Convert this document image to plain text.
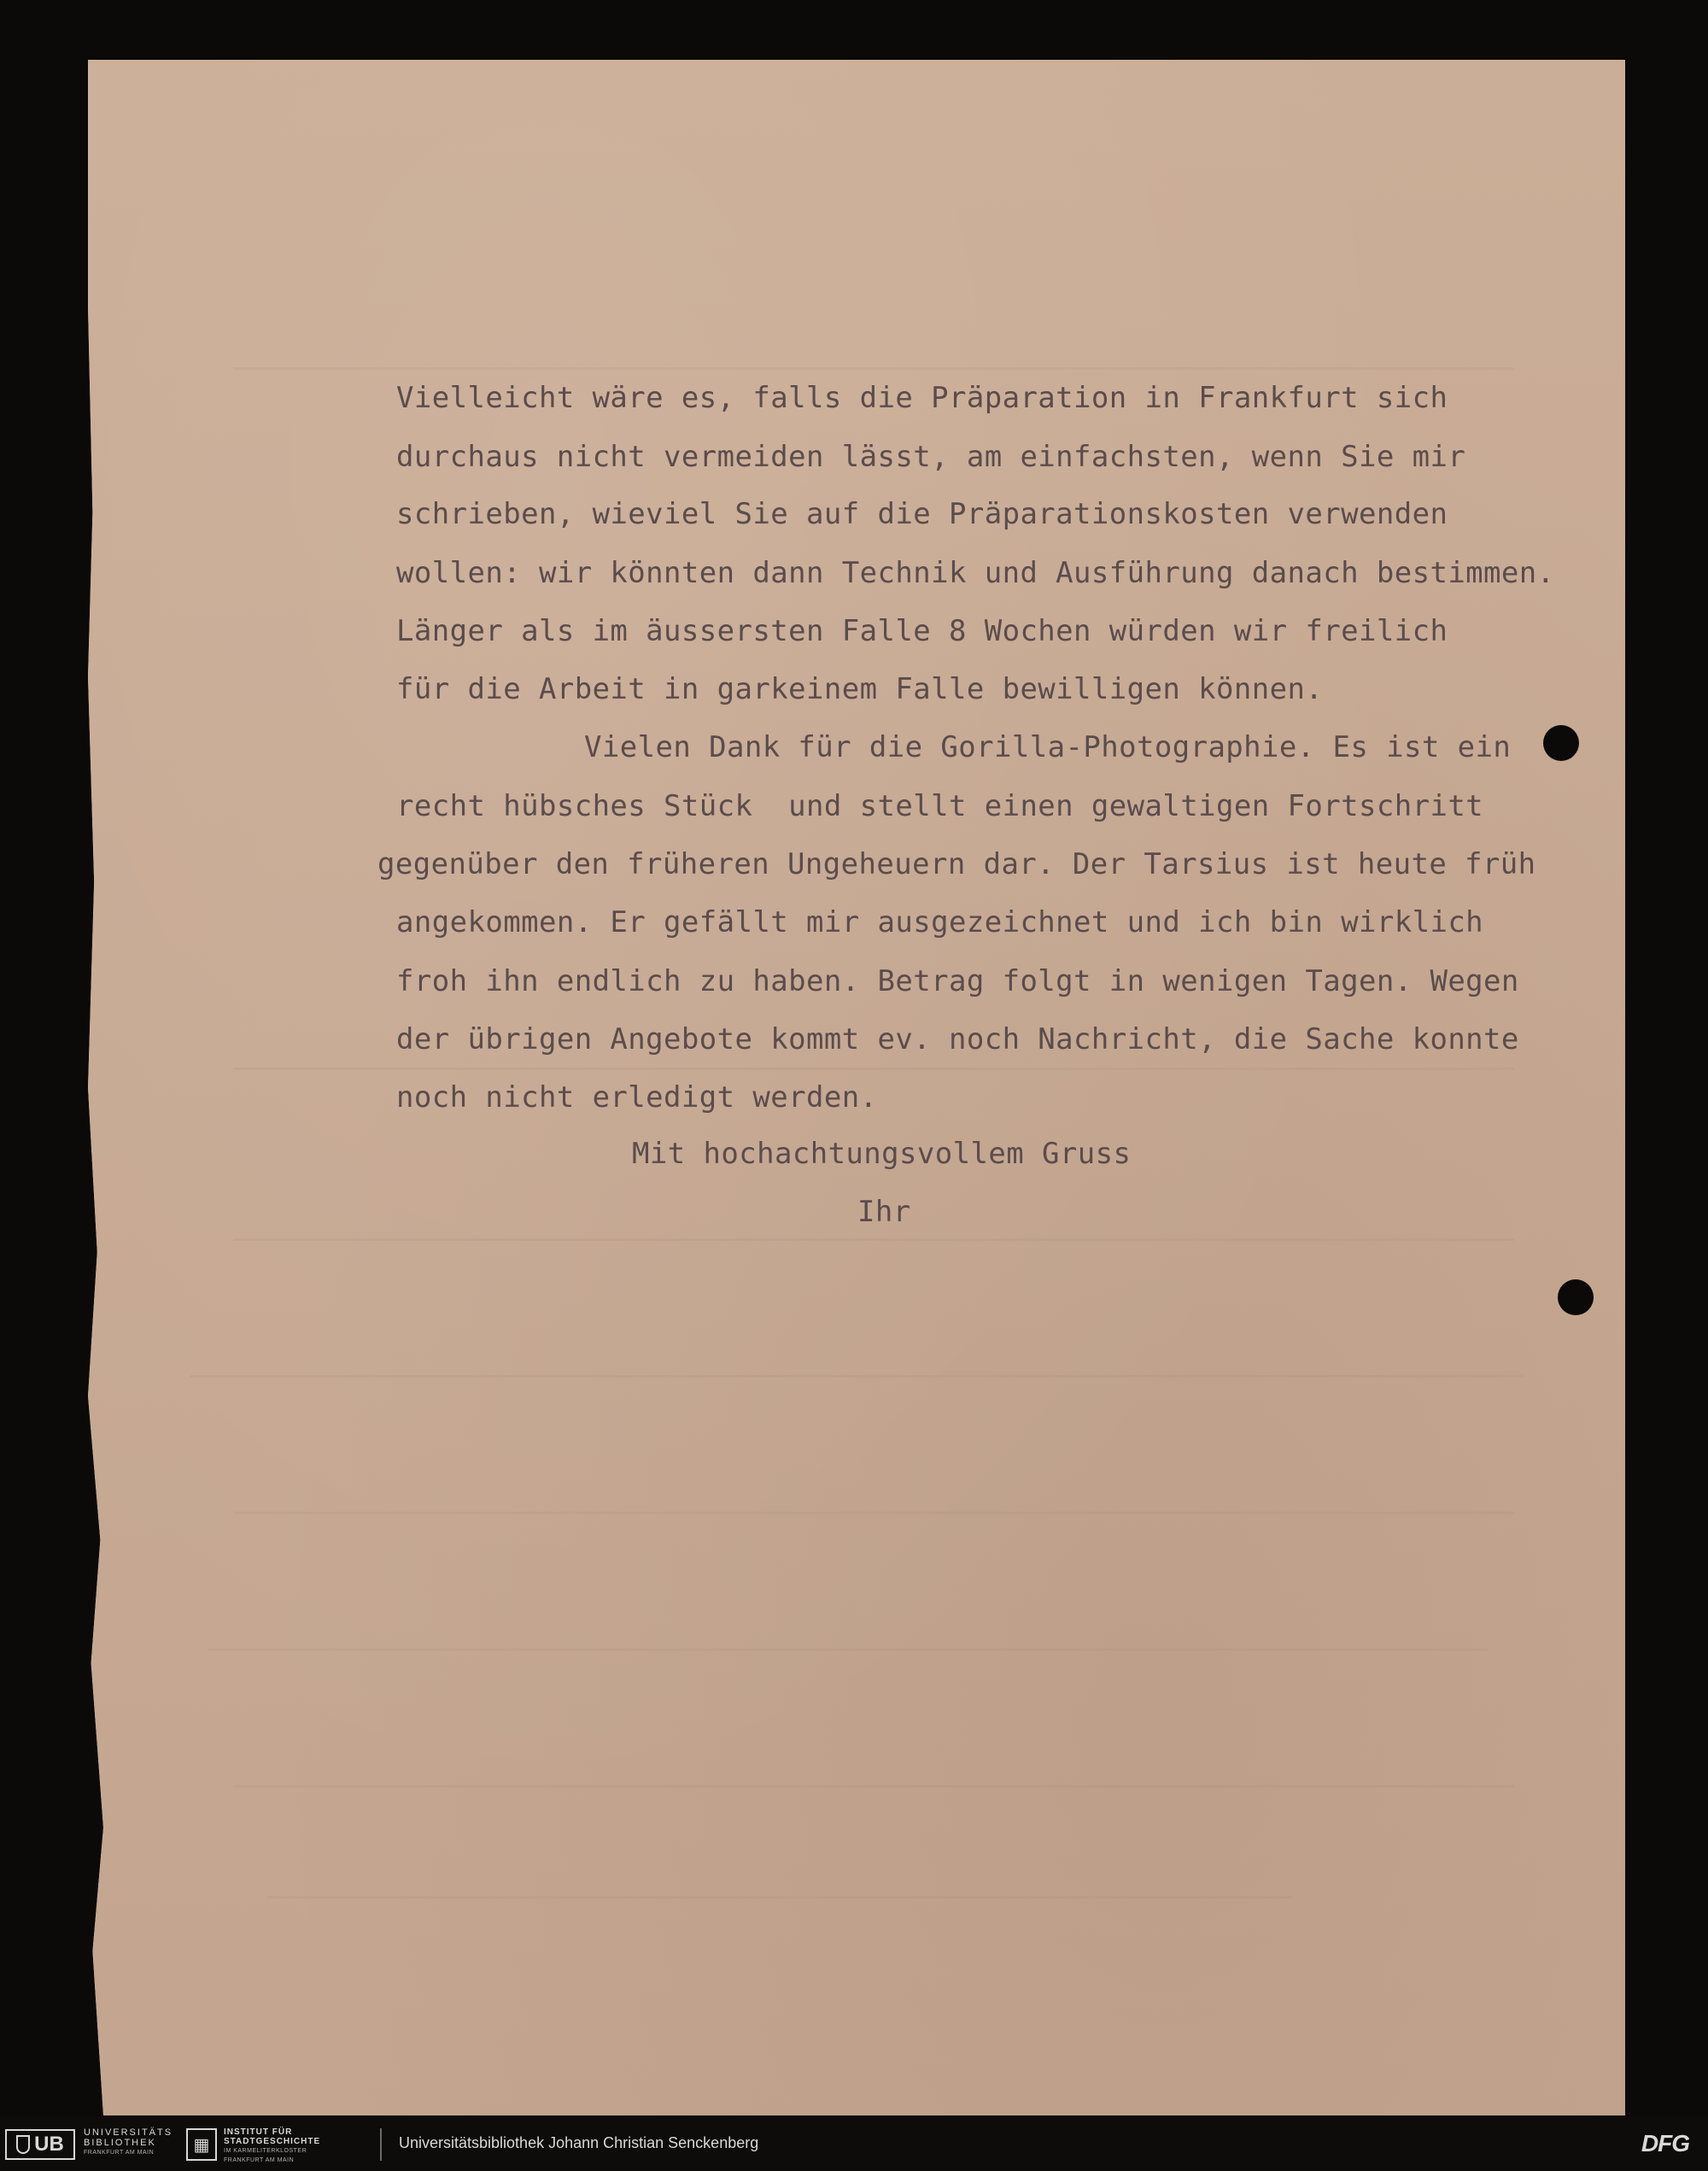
Vielleicht wäre es, falls die Präparation in Frankfurt sich
durchaus nicht vermeiden lässt, am einfachsten, wenn Sie mir
schrieben, wieviel Sie auf die Präparationskosten verwenden
wollen: wir könnten dann Technik und Ausführung danach bestimmen.
Länger als im äussersten Falle 8 Wochen würden wir freilich
für die Arbeit in garkeinem Falle bewilligen können.
Vielen Dank für die Gorilla-Photographie. Es ist ein
recht hübsches Stück  und stellt einen gewaltigen Fortschritt
gegenüber den früheren Ungeheuern dar. Der Tarsius ist heute früh
angekommen. Er gefällt mir ausgezeichnet und ich bin wirklich
froh ihn endlich zu haben. Betrag folgt in wenigen Tagen. Wegen
der übrigen Angebote kommt ev. noch Nachricht, die Sache konnte
noch nicht erledigt werden.
Mit hochachtungsvollem Gruss
Ihr
UB UNIVERSITÄTS
BIBLIOTHEK
FRANKFURT AM MAIN	▦
INSTITUT FÜR
STADTGESCHICHTE
IM KARMELITERKLOSTER
FRANKFURT AM MAIN
Universitätsbibliothek Johann Christian Senckenberg	DFG
